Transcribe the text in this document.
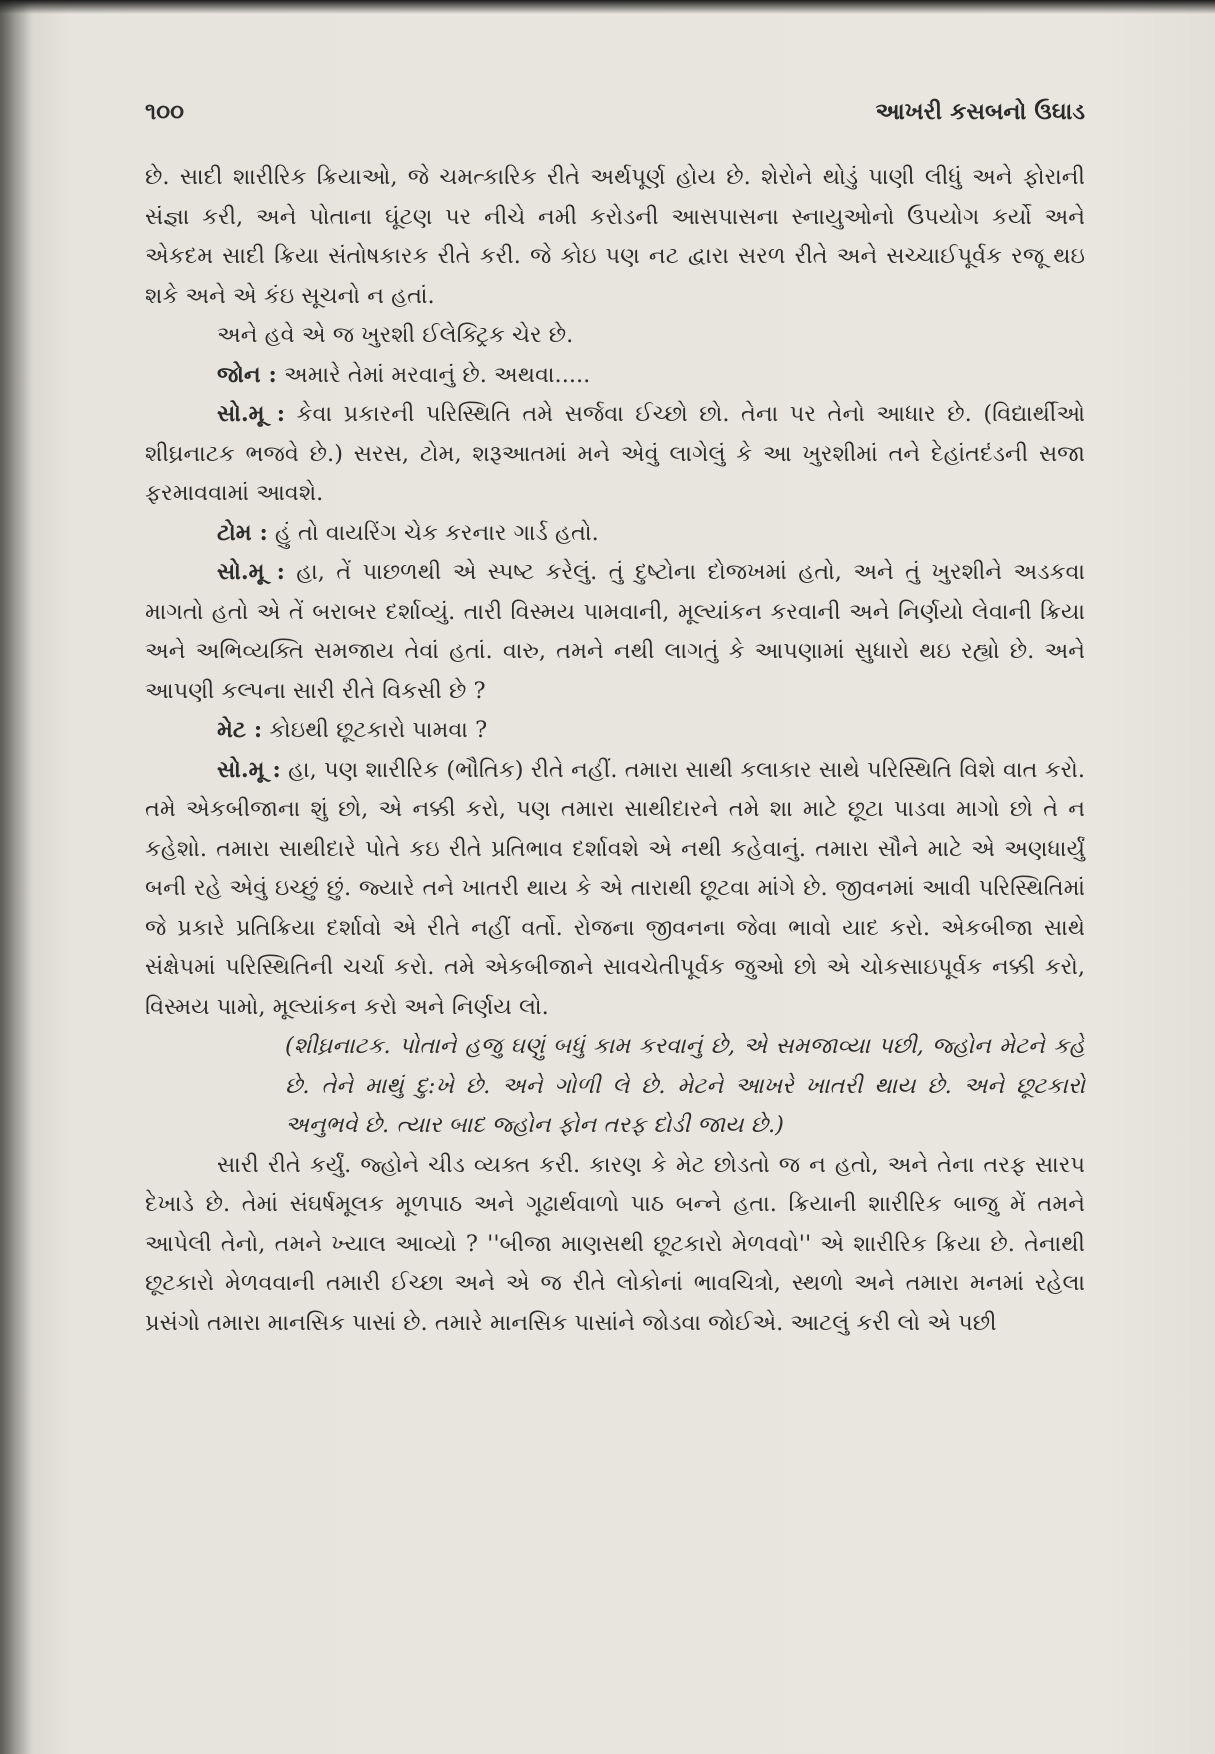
૧૦૦	આખરી કસબનો ઉઘાડ

છે. સાદી શારીરિક ક્રિયાઓ, જે ચમત્કારિક રીતે અર્થપૂર્ણ હોય છે. શેરોને થોડું પાણી લીધું અને ફોરાની સંજ્ઞા કરી, અને પોતાના ઘૂંટણ પર નીચે નમી કરોડની આસપાસના સ્નાયુઓનો ઉપયોગ કર્યો અને એકદમ સાદી ક્રિયા સંતોષકારક રીતે કરી. જે કોઇ પણ નટ દ્વારા સરળ રીતે અને સચ્ચાઈપૂર્વક રજૂ થઇ શકે અને એ કંઇ સૂચનો ન હતાં.

અને હવે એ જ ખુરશી ઈલેક્ટ્રિક ચેર છે.

જોન : અમારે તેમાં મરવાનું છે. અથવા.....

સો.મૂ : કેવા પ્રકારની પરિસ્થિતિ તમે સર્જવા ઈચ્છો છો. તેના પર તેનો આધાર છે. (વિદ્યાર્થીઓ શીઘ્રનાટક ભજવે છે.) સરસ, ટોમ, શરૂઆતમાં મને એવું લાગેલું કે આ ખુરશીમાં તને દેહાંતદંડની સજા ફરમાવવામાં આવશે.

ટોમ : હું તો વાયરિંગ ચેક કરનાર ગાર્ડ હતો.

સો.મૂ : હા, તેં પાછળથી એ સ્પષ્ટ કરેલું. તું દુષ્ટોના દોજખમાં હતો, અને તું ખુરશીને અડકવા માગતો હતો એ તેં બરાબર દર્શાવ્યું. તારી વિસ્મય પામવાની, મૂલ્યાંકન કરવાની અને નિર્ણયો લેવાની ક્રિયા અને અભિવ્યક્તિ સમજાય તેવાં હતાં. વારુ, તમને નથી લાગતું કે આપણામાં સુધારો થઇ રહ્યો છે. અને આપણી કલ્પના સારી રીતે વિકસી છે ?

મેટ : કોઇથી છૂટકારો પામવા ?

સો.મૂ : હા, પણ શારીરિક (ભૌતિક) રીતે નહીં. તમારા સાથી કલાકાર સાથે પરિસ્થિતિ વિશે વાત કરો. તમે એકબીજાના શું છો, એ નક્કી કરો, પણ તમારા સાથીદારને તમે શા માટે છૂટા પાડવા માગો છો તે ન કહેશો. તમારા સાથીદારે પોતે કઇ રીતે પ્રતિભાવ દર્શાવશે એ નથી કહેવાનું. તમારા સૌને માટે એ અણધાર્યું બની રહે એવું ઇચ્છું છું. જ્યારે તને ખાતરી થાય કે એ તારાથી છૂટવા માંગે છે. જીવનમાં આવી પરિસ્થિતિમાં જે પ્રકારે પ્રતિક્રિયા દર્શાવો એ રીતે નહીં વર્તો. રોજના જીવનના જેવા ભાવો યાદ કરો. એકબીજા સાથે સંક્ષેપમાં પરિસ્થિતિની ચર્ચા કરો. તમે એકબીજાને સાવચેતીપૂર્વક જુઓ છો એ ચોકસાઇપૂર્વક નક્કી કરો, વિસ્મય પામો, મૂલ્યાંકન કરો અને નિર્ણય લો.

(શીઘ્રનાટક. પોતાને હજુ ઘણું બધું કામ કરવાનું છે, એ સમજાવ્યા પછી, જ્હોન મેટને કહે છે. તેને માથું દુ:ખે છે. અને ગોળી લે છે. મેટને આખરે ખાતરી થાય છે. અને છૂટકારો અનુભવે છે. ત્યાર બાદ જ્હોન ફોન તરફ દોડી જાય છે.)

સારી રીતે કર્યું. જ્હોને ચીડ વ્યક્ત કરી. કારણ કે મેટ છોડતો જ ન હતો, અને તેના તરફ સારપ દેખાડે છે. તેમાં સંઘર્ષમૂલક મૂળપાઠ અને ગૂઢાર્થવાળો પાઠ બન્ને હતા. ક્રિયાની શારીરિક બાજુ મેં તમને આપેલી તેનો, તમને ખ્યાલ આવ્યો ? ''બીજા માણસથી છૂટકારો મેળવવો'' એ શારીરિક ક્રિયા છે. તેનાથી છૂટકારો મેળવવાની તમારી ઈચ્છા અને એ જ રીતે લોકોનાં ભાવચિત્રો, સ્થળો અને તમારા મનમાં રહેલા પ્રસંગો તમારા માનસિક પાસાં છે. તમારે માનસિક પાસાંને જોડવા જોઈએ. આટલું કરી લો એ પછી
